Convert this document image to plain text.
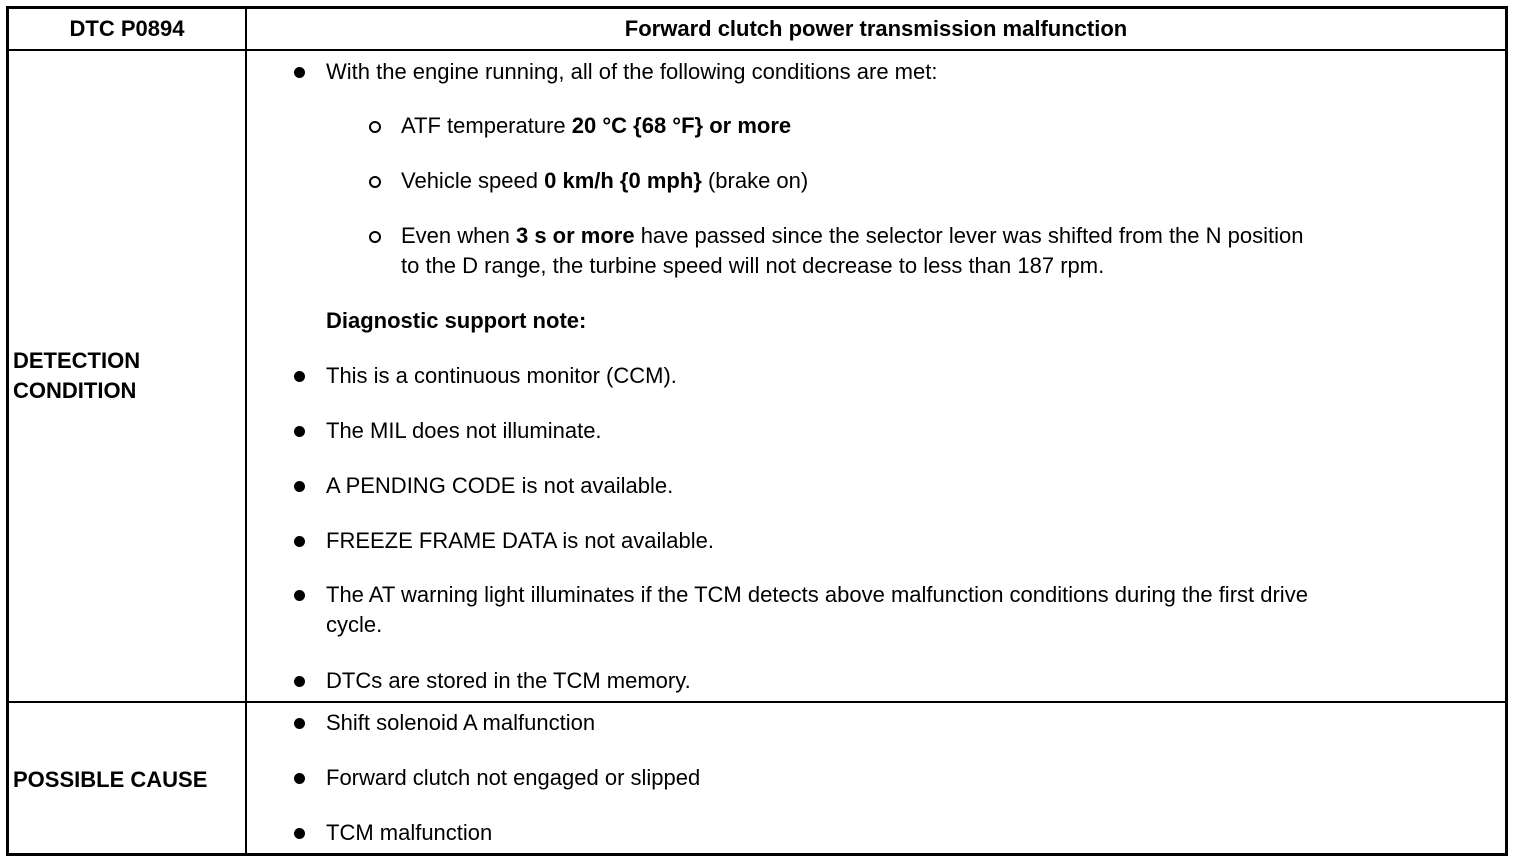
DTC P0894	Forward clutch power transmission malfunction
DETECTION
CONDITION
POSSIBLE CAUSE
With the engine running, all of the following conditions are met:
ATF temperature 20 °C {68 °F} or more
Vehicle speed 0 km/h {0 mph} (brake on)
Even when 3 s or more have passed since the selector lever was shifted from the N position
to the D range, the turbine speed will not decrease to less than 187 rpm.
Diagnostic support note:
This is a continuous monitor (CCM).
The MIL does not illuminate.
A PENDING CODE is not available.
FREEZE FRAME DATA is not available.
The AT warning light illuminates if the TCM detects above malfunction conditions during the first drive
cycle.
DTCs are stored in the TCM memory.
Shift solenoid A malfunction
Forward clutch not engaged or slipped
TCM malfunction
